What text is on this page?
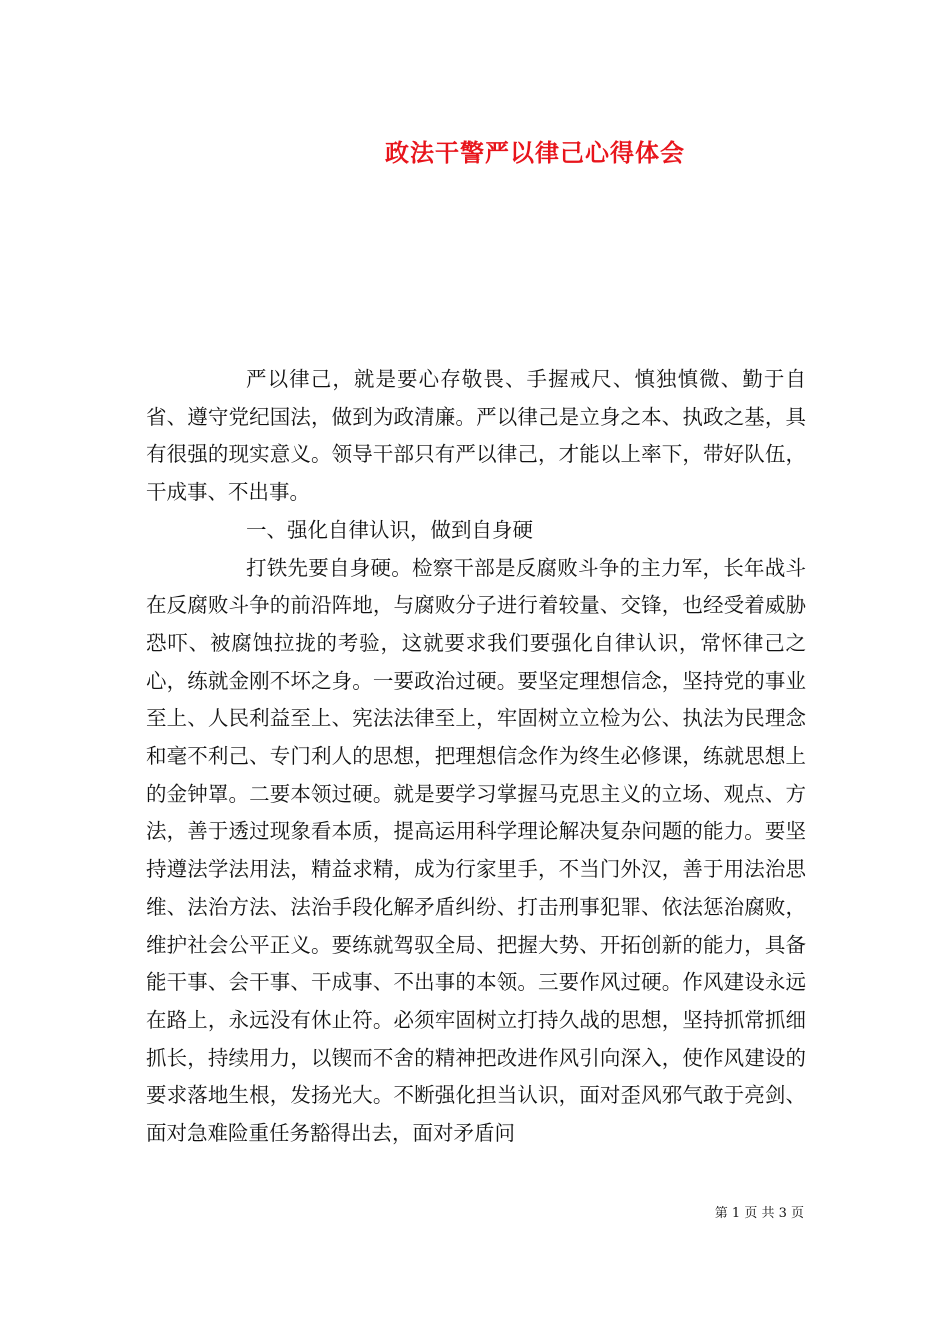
政法干警严以律己心得体会

严以律己，就是要心存敬畏、手握戒尺、慎独慎微、勤于自省、遵守党纪国法，做到为政清廉。严以律己是立身之本、执政之基，具有很强的现实意义。领导干部只有严以律己，才能以上率下，带好队伍，干成事、不出事。

一、强化自律认识，做到自身硬

打铁先要自身硬。检察干部是反腐败斗争的主力军，长年战斗在反腐败斗争的前沿阵地，与腐败分子进行着较量、交锋，也经受着威胁恐吓、被腐蚀拉拢的考验，这就要求我们要强化自律认识，常怀律己之心，练就金刚不坏之身。一要政治过硬。要坚定理想信念，坚持党的事业至上、人民利益至上、宪法法律至上，牢固树立立检为公、执法为民理念和毫不利己、专门利人的思想，把理想信念作为终生必修课，练就思想上的金钟罩。二要本领过硬。就是要学习掌握马克思主义的立场、观点、方法，善于透过现象看本质，提高运用科学理论解决复杂问题的能力。要坚持遵法学法用法，精益求精，成为行家里手，不当门外汉，善于用法治思维、法治方法、法治手段化解矛盾纠纷、打击刑事犯罪、依法惩治腐败，维护社会公平正义。要练就驾驭全局、把握大势、开拓创新的能力，具备能干事、会干事、干成事、不出事的本领。三要作风过硬。作风建设永远在路上，永远没有休止符。必须牢固树立打持久战的思想，坚持抓常抓细抓长，持续用力，以锲而不舍的精神把改进作风引向深入，使作风建设的要求落地生根，发扬光大。不断强化担当认识，面对歪风邪气敢于亮剑、面对急难险重任务豁得出去，面对矛盾问

第 1 页 共 3 页
